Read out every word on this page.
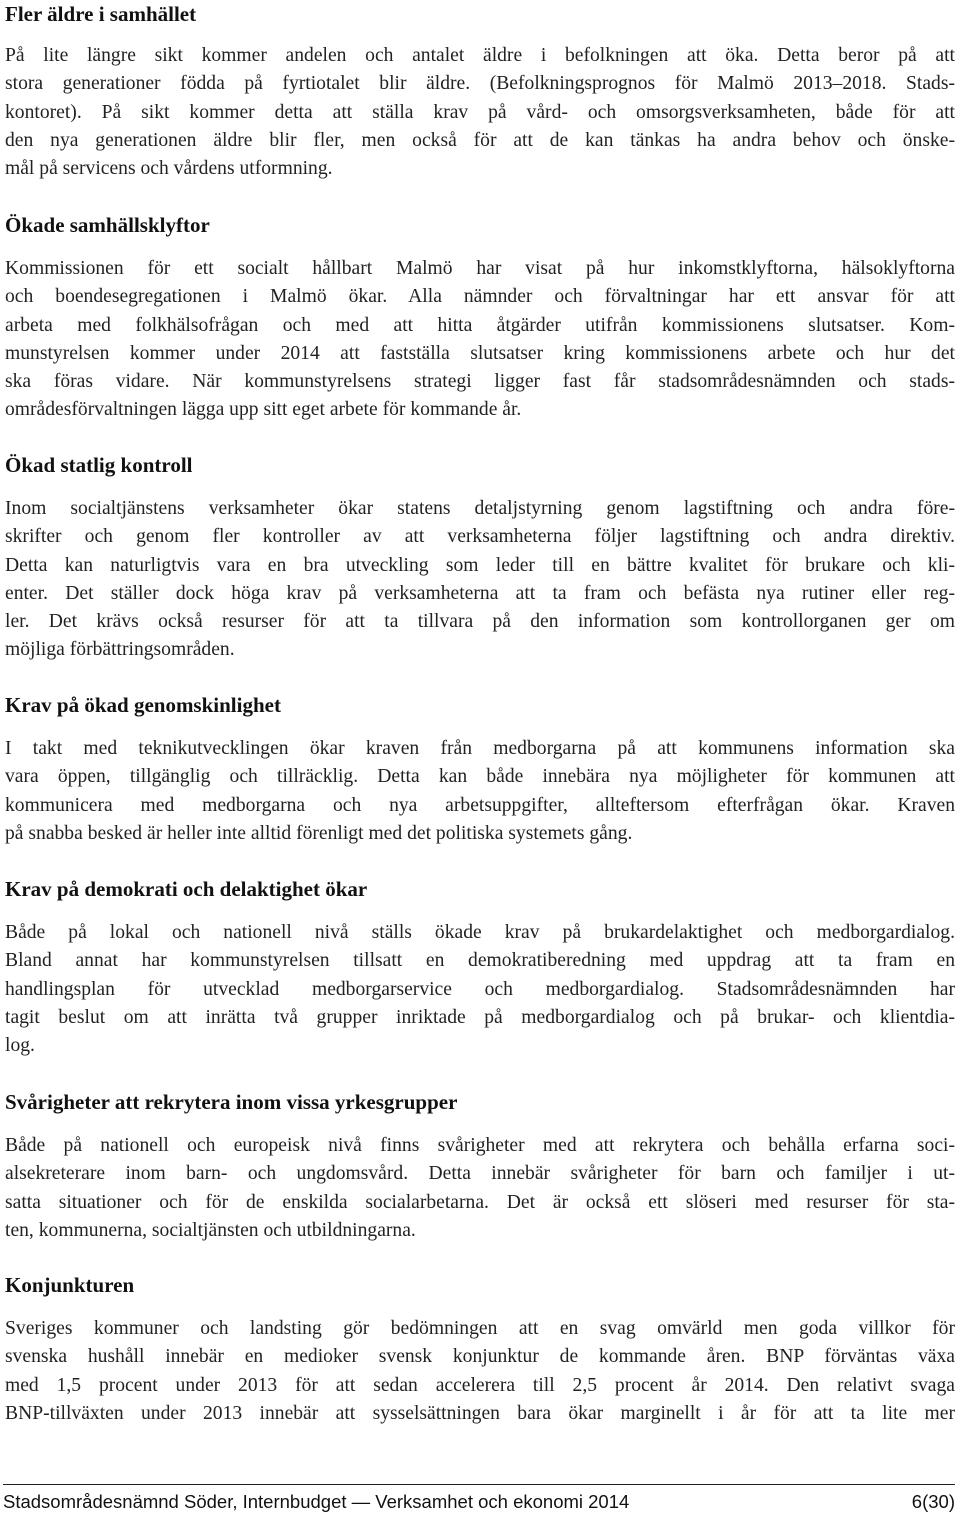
Fler äldre i samhället

På lite längre sikt kommer andelen och antalet äldre i befolkningen att öka. Detta beror på att
stora generationer födda på fyrtiotalet blir äldre. (Befolkningsprognos för Malmö 2013–2018. Stads-
kontoret). På sikt kommer detta att ställa krav på vård- och omsorgsverksamheten, både för att
den nya generationen äldre blir fler, men också för att de kan tänkas ha andra behov och önske-
mål på servicens och vårdens utformning.

Ökade samhällsklyftor

Kommissionen för ett socialt hållbart Malmö har visat på hur inkomstklyftorna, hälsoklyftorna
och boendesegregationen i Malmö ökar. Alla nämnder och förvaltningar har ett ansvar för att
arbeta med folkhälsofrågan och med att hitta åtgärder utifrån kommissionens slutsatser. Kom-
munstyrelsen kommer under 2014 att fastställa slutsatser kring kommissionens arbete och hur det
ska föras vidare. När kommunstyrelsens strategi ligger fast får stadsområdesnämnden och stads-
områdesförvaltningen lägga upp sitt eget arbete för kommande år.

Ökad statlig kontroll

Inom socialtjänstens verksamheter ökar statens detaljstyrning genom lagstiftning och andra före-
skrifter och genom fler kontroller av att verksamheterna följer lagstiftning och andra direktiv.
Detta kan naturligtvis vara en bra utveckling som leder till en bättre kvalitet för brukare och kli-
enter. Det ställer dock höga krav på verksamheterna att ta fram och befästa nya rutiner eller reg-
ler. Det krävs också resurser för att ta tillvara på den information som kontrollorganen ger om
möjliga förbättringsområden.

Krav på ökad genomskinlighet

I takt med teknikutvecklingen ökar kraven från medborgarna på att kommunens information ska
vara öppen, tillgänglig och tillräcklig. Detta kan både innebära nya möjligheter för kommunen att
kommunicera med medborgarna och nya arbetsuppgifter, allteftersom efterfrågan ökar. Kraven
på snabba besked är heller inte alltid förenligt med det politiska systemets gång.

Krav på demokrati och delaktighet ökar

Både på lokal och nationell nivå ställs ökade krav på brukardelaktighet och medborgardialog.
Bland annat har kommunstyrelsen tillsatt en demokratiberedning med uppdrag att ta fram en
handlingsplan för utvecklad medborgarservice och medborgardialog. Stadsområdesnämnden har
tagit beslut om att inrätta två grupper inriktade på medborgardialog och på brukar- och klientdia-
log.

Svårigheter att rekrytera inom vissa yrkesgrupper

Både på nationell och europeisk nivå finns svårigheter med att rekrytera och behålla erfarna soci-
alsekreterare inom barn- och ungdomsvård. Detta innebär svårigheter för barn och familjer i ut-
satta situationer och för de enskilda socialarbetarna. Det är också ett slöseri med resurser för sta-
ten, kommunerna, socialtjänsten och utbildningarna.

Konjunkturen

Sveriges kommuner och landsting gör bedömningen att en svag omvärld men goda villkor för
svenska hushåll innebär en medioker svensk konjunktur de kommande åren. BNP förväntas växa
med 1,5 procent under 2013 för att sedan accelerera till 2,5 procent år 2014. Den relativt svaga
BNP-tillväxten under 2013 innebär att sysselsättningen bara ökar marginellt i år för att ta lite mer

Stadsområdesnämnd Söder, Internbudget — Verksamhet och ekonomi 2014	6(30)
